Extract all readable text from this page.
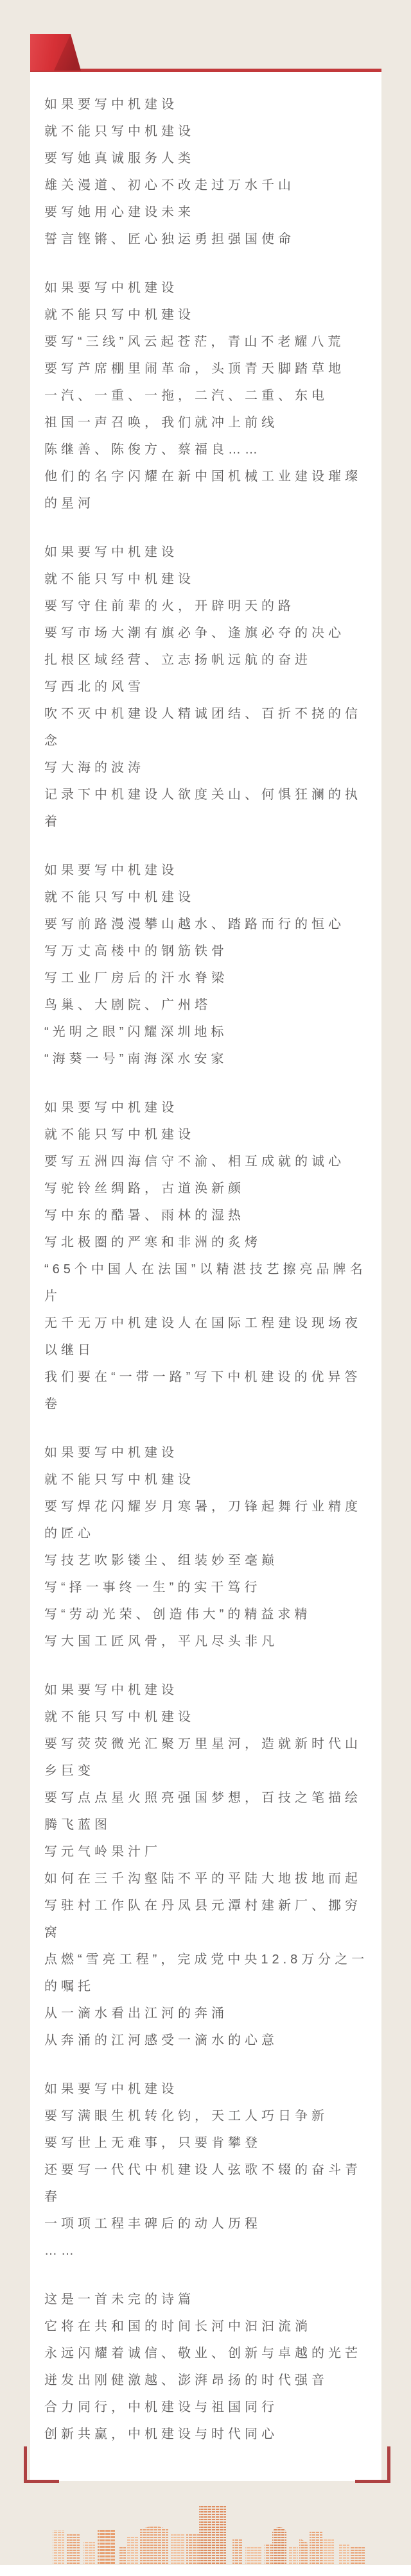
如果要写中机建设

就不能只写中机建设

要写她真诚服务人类

雄关漫道、初心不改走过万水千山

要写她用心建设未来

誓言铿锵、匠心独运勇担强国使命

如果要写中机建设

就不能只写中机建设

要写“三线”风云起苍茫，青山不老耀八荒

要写芦席棚里闹革命，头顶青天脚踏草地

一汽、一重、一拖，二汽、二重、东电

祖国一声召唤，我们就冲上前线

陈继善、陈俊方、蔡福良……

他们的名字闪耀在新中国机械工业建设璀璨的星河

如果要写中机建设

就不能只写中机建设

要写守住前辈的火，开辟明天的路

要写市场大潮有旗必争、逢旗必夺的决心

扎根区域经营、立志扬帆远航的奋进

写西北的风雪

吹不灭中机建设人精诚团结、百折不挠的信念

写大海的波涛

记录下中机建设人欲度关山、何惧狂澜的执着

如果要写中机建设

就不能只写中机建设

要写前路漫漫攀山越水、踏路而行的恒心

写万丈高楼中的钢筋铁骨

写工业厂房后的汗水脊梁

鸟巢、大剧院、广州塔

“光明之眼”闪耀深圳地标

“海葵一号”南海深水安家

如果要写中机建设

就不能只写中机建设

要写五洲四海信守不渝、相互成就的诚心

写驼铃丝绸路，古道涣新颜

写中东的酷暑、雨林的湿热

写北极圈的严寒和非洲的炙烤

“65个中国人在法国”以精湛技艺擦亮品牌名片

无千无万中机建设人在国际工程建设现场夜以继日

我们要在“一带一路”写下中机建设的优异答卷

如果要写中机建设

就不能只写中机建设

要写焊花闪耀岁月寒暑，刀锋起舞行业精度的匠心

写技艺吹影镂尘、组装妙至毫巅

写“择一事终一生”的实干笃行

写“劳动光荣、创造伟大”的精益求精

写大国工匠风骨，平凡尽头非凡

如果要写中机建设

就不能只写中机建设

要写荧荧微光汇聚万里星河，造就新时代山乡巨变

要写点点星火照亮强国梦想，百技之笔描绘腾飞蓝图

写元气岭果汁厂

如何在三千沟壑陆不平的平陆大地拔地而起

写驻村工作队在丹凤县元潭村建新厂、挪穷窝

点燃“雪亮工程”，完成党中央12.8万分之一的嘱托

从一滴水看出江河的奔涌

从奔涌的江河感受一滴水的心意

如果要写中机建设

要写满眼生机转化钧，天工人巧日争新

要写世上无难事，只要肯攀登

还要写一代代中机建设人弦歌不辍的奋斗青春

一项项工程丰碑后的动人历程

……

这是一首未完的诗篇

它将在共和国的时间长河中汩汩流淌

永远闪耀着诚信、敬业、创新与卓越的光芒

迸发出刚健激越、澎湃昂扬的时代强音

合力同行，中机建设与祖国同行

创新共赢，中机建设与时代同心
